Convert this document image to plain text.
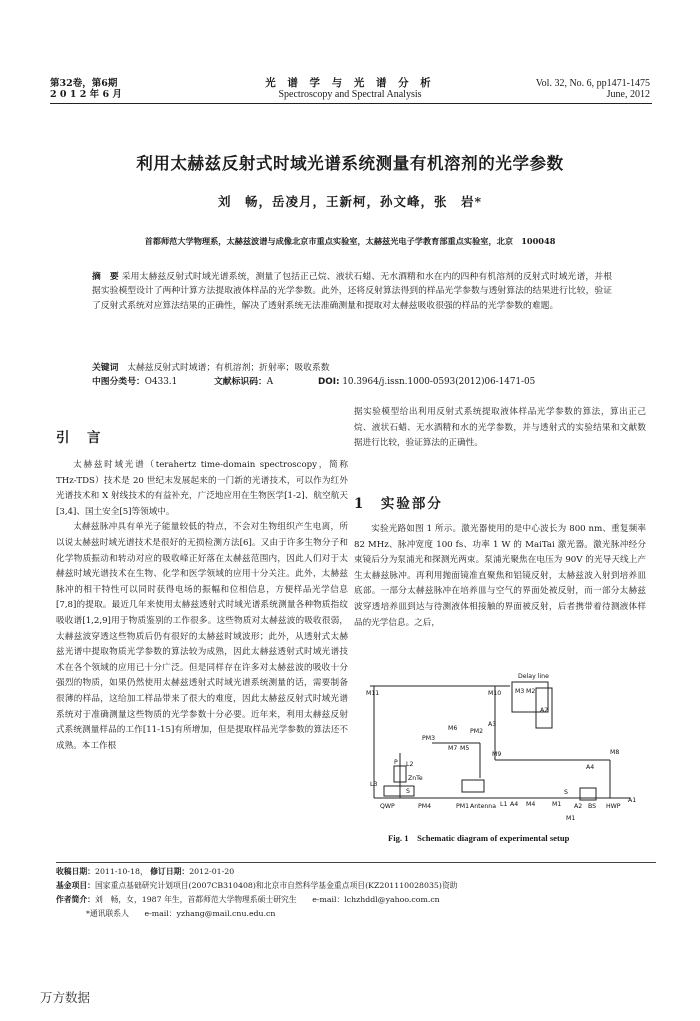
第32卷，第6期
2 0 1 2 年 6 月
光 谱 学 与 光 谱 分 析
Spectroscopy and Spectral Analysis
Vol. 32, No. 6, pp1471-1475
June, 2012
利用太赫兹反射式时域光谱系统测量有机溶剂的光学参数
刘　畅，岳凌月，王新柯，孙文峰，张　岩*
首都师范大学物理系，太赫兹波谱与成像北京市重点实验室，太赫兹光电子学教育部重点实验室，北京　100048
摘　要 采用太赫兹反射式时域光谱系统，测量了包括正己烷、液状石蜡、无水酒精和水在内的四种有机溶剂的反射式时域光谱，并根据实验模型设计了两种计算方法提取液体样品的光学参数。此外，还将反射算法得到的样品光学参数与透射算法的结果进行比较，验证了反射式系统对应算法结果的正确性，解决了透射系统无法准确测量和提取对太赫兹吸收很强的样品的光学参数的难题。
关键词 太赫兹反射式时域谱；有机溶剂；折射率；吸收系数
中图分类号：O433.1	文献标识码：A	DOI: 10.3964/j.issn.1000-0593(2012)06-1471-05
引　言

太赫兹时域光谱（terahertz time-domain spectroscopy，简称 THz-TDS）技术是 20 世纪末发展起来的一门新的光谱技术，可以作为红外光谱技术和 X 射线技术的有益补充，广泛地应用在生物医学[1-2]、航空航天[3,4]、国土安全[5]等领域中。

太赫兹脉冲具有单光子能量较低的特点，不会对生物组织产生电离，所以说太赫兹时域光谱技术是很好的无损检测方法[6]。又由于许多生物分子和化学物质振动和转动对应的吸收峰正好落在太赫兹范围内，因此人们对于太赫兹时域光谱技术在生物、化学和医学领域的应用十分关注。此外，太赫兹脉冲的相干特性可以同时获得电场的振幅和位相信息，方便样品光学信息[7,8]的提取。最近几年来使用太赫兹透射式时域光谱系统测量各种物质指纹吸收谱[1,2,9]用于物质鉴别的工作很多。这些物质对太赫兹波的吸收很弱，太赫兹波穿透这些物质后仍有很好的太赫兹时域波形；此外，从透射式太赫兹光谱中提取物质光学参数的算法较为成熟，因此太赫兹透射式时域光谱技术在各个领域的应用已十分广泛。但是同样存在许多对太赫兹波的吸收十分强烈的物质，如果仍然使用太赫兹透射式时域光谱系统测量的话，需要制备很薄的样品，这给加工样品带来了很大的难度，因此太赫兹反射式时域光谱系统对于准确测量这些物质的光学参数十分必要。近年来，利用太赫兹反射式系统测量样品的工作[11-15]有所增加，但是提取样品光学参数的算法还不成熟。本工作根

据实验模型给出利用反射式系统提取液体样品光学参数的算法，算出正己烷、液状石蜡、无水酒精和水的光学参数，并与透射式的实验结果和文献数据进行比较，验证算法的正确性。

1　实验部分

实验光路如图 1 所示。激光器使用的是中心波长为 800 nm、重复频率 82 MHz、脉冲宽度 100 fs、功率 1 W 的 MaiTai 激光器。激光脉冲经分束镜后分为泵浦光和探测光两束。泵浦光聚焦在电压为 90V 的光导天线上产生太赫兹脉冲。再利用抛面镜准直聚焦和铝镜反射，太赫兹波入射到培养皿底部。一部分太赫兹脉冲在培养皿与空气的界面处被反射，而一部分太赫兹波穿透培养皿到达与待测液体相接触的界面被反射，后者携带着待测液体样品的光学信息。之后，

Delay line
M11	M10 M3 M2
A2
A3
PM3
M6 PM2
M7 M5
M9	M8
A4
L2
P
ZnTe
L3
S
QWP	PM4	PM1 Antenna L1 A4 M4	M1 A2 BS HWP
A1
S
M1
Fig. 1　Schematic diagram of experimental setup
收稿日期：2011-10-18， 修订日期：2012-01-20
基金项目：国家重点基础研究计划项目(2007CB310408)和北京市自然科学基金重点项目(KZ201110028035)资助
作者简介：刘　畅，女，1987 年生，首都师范大学物理系硕士研究生　　e-mail：lchzhddl@yahoo.com.cn
*通讯联系人　　e-mail：yzhang@mail.cnu.edu.cn
万方数据
